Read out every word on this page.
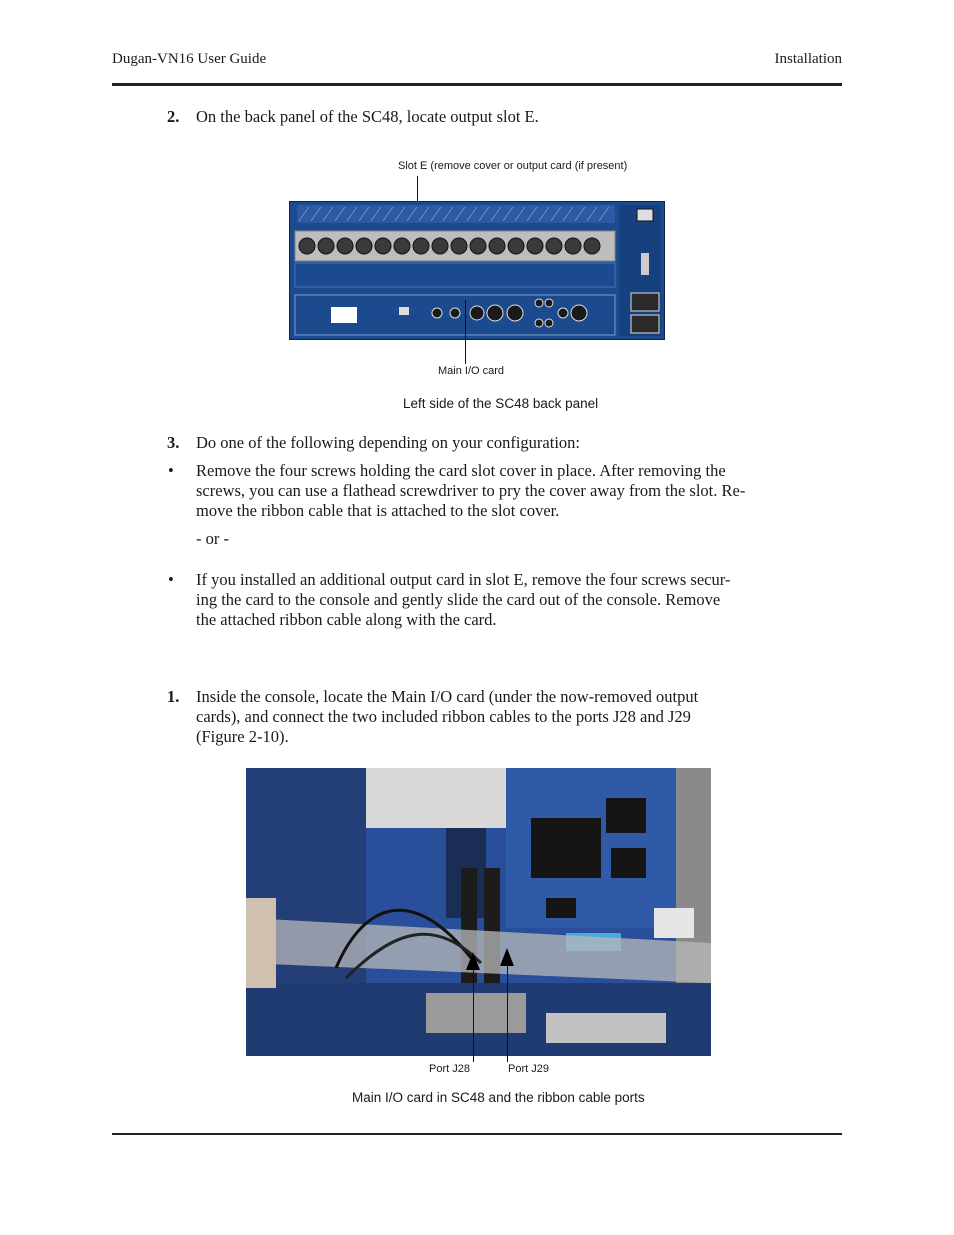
Dugan-VN16 User Guide	Installation
2. On the back panel of the SC48, locate output slot E.
Slot E (remove cover or output card (if present)
0+0
Main I/O card
Left side of the SC48 back panel
3. Do one of the following depending on your configuration:
• Remove the four screws holding the card slot cover in place. After removing the
screws, you can use a flathead screwdriver to pry the cover away from the slot. Re-
move the ribbon cable that is attached to the slot cover.
- or -
• If you installed an additional output card in slot E, remove the four screws secur-
ing the card to the console and gently slide the card out of the console. Remove
the attached ribbon cable along with the card.
1. Inside the console, locate the Main I/O card (under the now-removed output
cards), and connect the two included ribbon cables to the ports J28 and J29
(Figure 2-10).
Port J28	Port J29
Main I/O card in SC48 and the ribbon cable ports
